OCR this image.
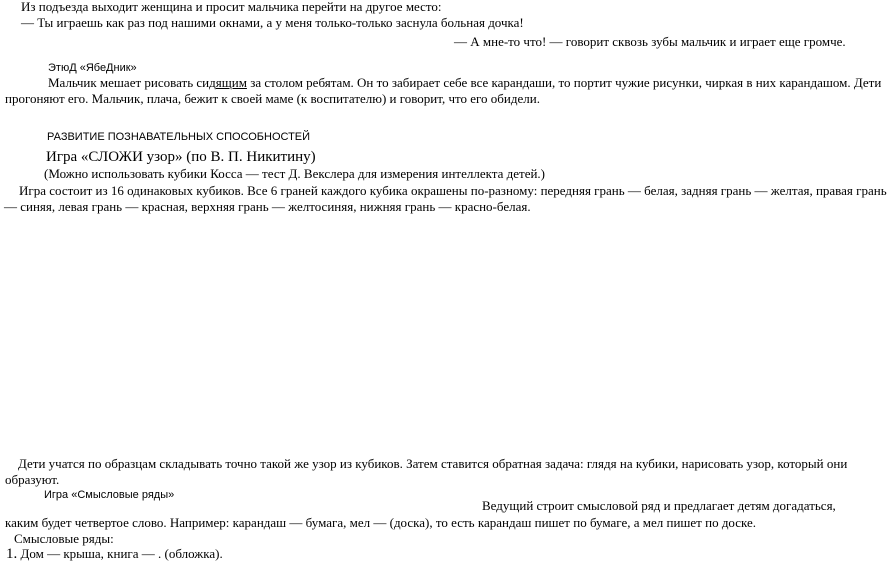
Из подъезда выходит женщина и просит мальчика перейти на другое место:
— Ты играешь как раз под нашими окнами, а у меня только-только заснула больная дочка!
— А мне-то что! — говорит сквозь зубы мальчик и играет еще громче.
ЭтюД «ЯбеДник»
Мальчик мешает рисовать сидящим за столом ребятам. Он то забирает себе все карандаши, то портит чужие рисунки, чиркая в них карандашом. Дети
прогоняют его. Мальчик, плача, бежит к своей маме (к воспитателю) и говорит, что его обидели.
РАЗВИТИЕ ПОЗНАВАТЕЛЬНЫХ СПОСОБНОСТЕЙ
Игра «СЛОЖИ узор» (по В. П. Никитину)
(Можно использовать кубики Косса — тест Д. Векслера для измерения интеллекта детей.)
Игра состоит из 16 одинаковых кубиков. Все 6 граней каждого кубика окрашены по-разному: передняя грань — белая, задняя грань — желтая, правая грань
— синяя, левая грань — красная, верхняя грань — желтосиняя, нижняя грань — красно-белая.
Дети учатся по образцам складывать точно такой же узор из кубиков. Затем ставится обратная задача: глядя на кубики, нарисовать узор, который они
образуют.
Игра «Смысловые ряды»
Ведущий строит смысловой ряд и предлагает детям догадаться,
каким будет четвертое слово. Например: карандаш — бумага, мел — (доска), то есть карандаш пишет по бумаге, а мел пишет по доске.
Смысловые ряды:
1. Дом — крыша, книга — . (обложка).
